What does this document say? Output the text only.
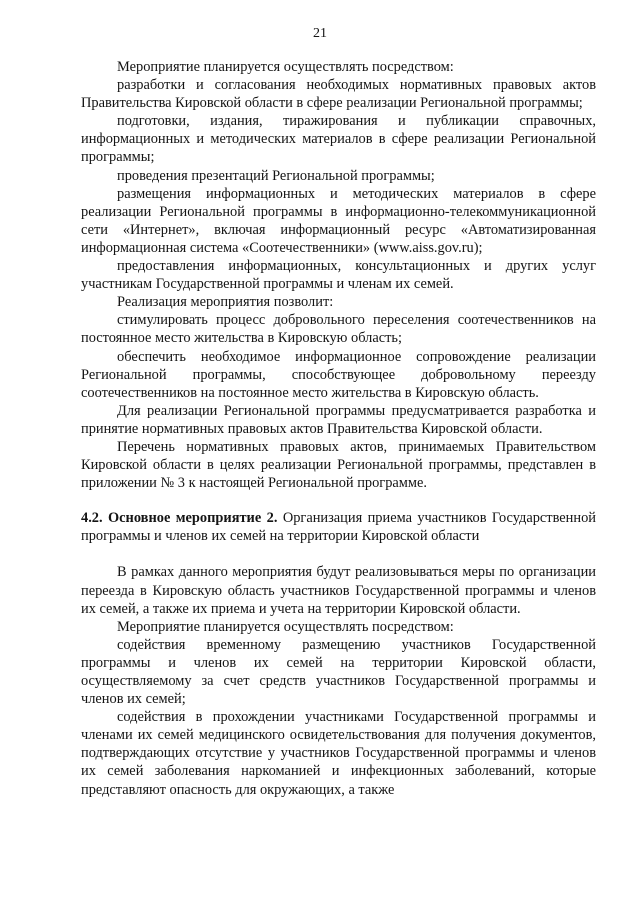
21

Мероприятие планируется осуществлять посредством:

разработки и согласования необходимых нормативных правовых актов Правительства Кировской области в сфере реализации Региональной программы;

подготовки, издания, тиражирования и публикации справочных, информационных и методических материалов в сфере реализации Региональной программы;

проведения презентаций Региональной программы;

размещения информационных и методических материалов в сфере реализации Региональной программы в информационно-телекоммуникационной сети «Интернет», включая информационный ресурс «Автоматизированная информационная система «Соотечественники» (www.aiss.gov.ru);

предоставления информационных, консультационных и других услуг участникам Государственной программы и членам их семей.

Реализация мероприятия позволит:

стимулировать процесс добровольного переселения соотечественников на постоянное место жительства в Кировскую область;

обеспечить необходимое информационное сопровождение реализации Региональной программы, способствующее добровольному переезду соотечественников на постоянное место жительства в Кировскую область.

Для реализации Региональной программы предусматривается разработка и принятие нормативных правовых актов Правительства Кировской области.

Перечень нормативных правовых актов, принимаемых Правительством Кировской области в целях реализации Региональной программы, представлен в приложении № 3 к настоящей Региональной программе.

4.2. Основное мероприятие 2. Организация приема участников Государственной программы и членов их семей на территории Кировской области

В рамках данного мероприятия будут реализовываться меры по организации переезда в Кировскую область участников Государственной программы и членов их семей, а также их приема и учета на территории Кировской области.

Мероприятие планируется осуществлять посредством:

содействия временному размещению участников Государственной программы и членов их семей на территории Кировской области, осуществляемому за счет средств участников Государственной программы и членов их семей;

содействия в прохождении участниками Государственной программы и членами их семей медицинского освидетельствования для получения документов, подтверждающих отсутствие у участников Государственной программы и членов их семей заболевания наркоманией и инфекционных заболеваний, которые представляют опасность для окружающих, а также
